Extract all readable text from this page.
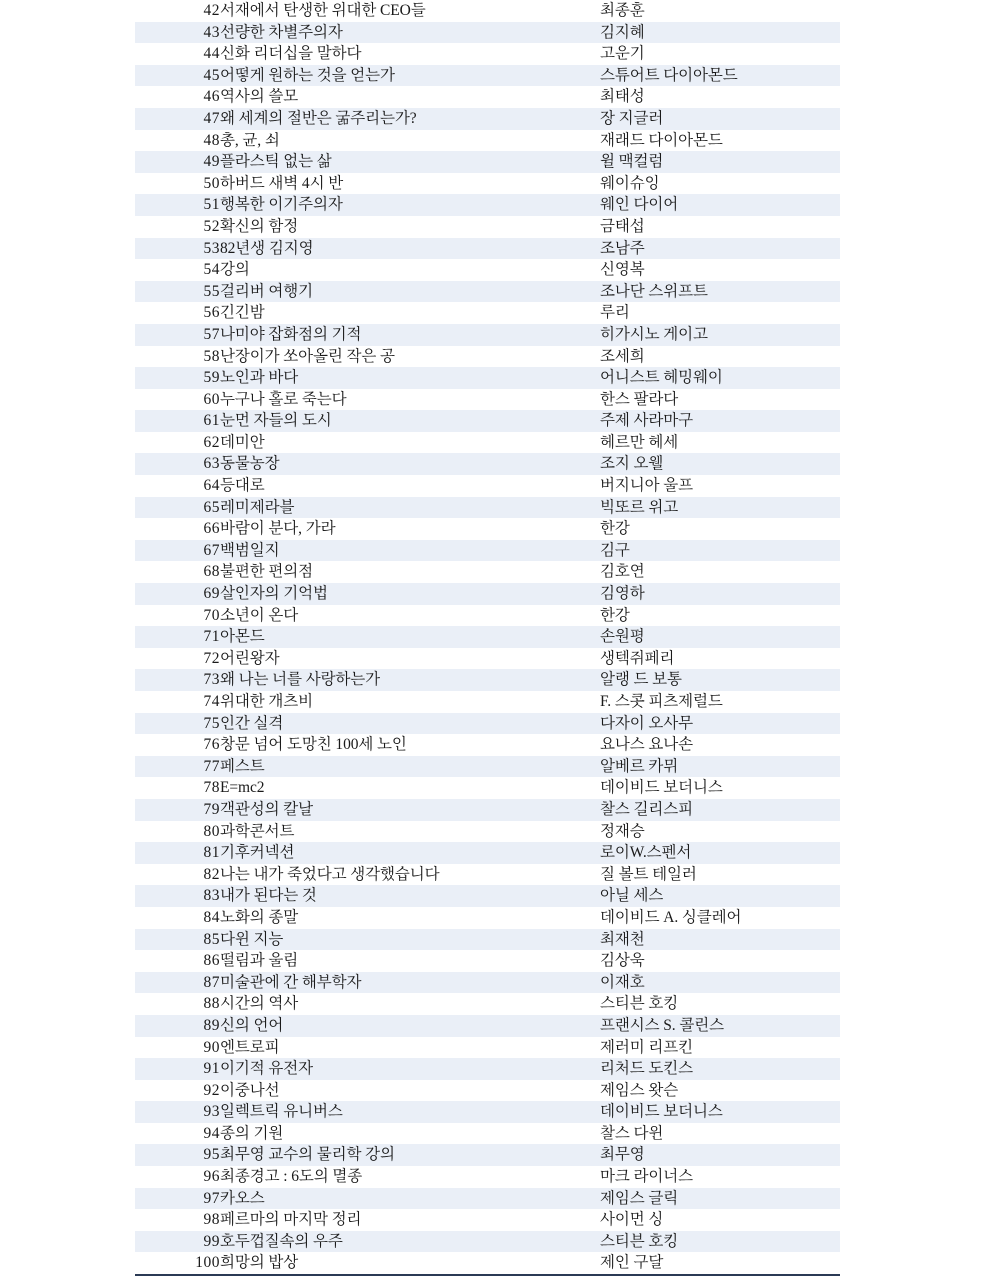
42	서재에서 탄생한 위대한 CEO들	최종훈
43	선량한 차별주의자	김지혜
44	신화 리더십을 말하다	고운기
45	어떻게 원하는 것을 얻는가	스튜어트 다이아몬드
46	역사의 쓸모	최태성
47	왜 세계의 절반은 굶주리는가?	장 지글러
48	총, 균, 쇠	재래드 다이아몬드
49	플라스틱 없는 삶	윌 맥컬럼
50	하버드 새벽 4시 반	웨이슈잉
51	행복한 이기주의자	웨인 다이어
52	확신의 함정	금태섭
53	82년생 김지영	조남주
54	강의	신영복
55	걸리버 여행기	조나단 스위프트
56	긴긴밤	루리
57	나미야 잡화점의 기적	히가시노 게이고
58	난장이가 쏘아올린 작은 공	조세희
59	노인과 바다	어니스트 헤밍웨이
60	누구나 홀로 죽는다	한스 팔라다
61	눈먼 자들의 도시	주제 사라마구
62	데미안	헤르만 헤세
63	동물농장	조지 오웰
64	등대로	버지니아 울프
65	레미제라블	빅또르 위고
66	바람이 분다, 가라	한강
67	백범일지	김구
68	불편한 편의점	김호연
69	살인자의 기억법	김영하
70	소년이 온다	한강
71	아몬드	손원평
72	어린왕자	생텍쥐페리
73	왜 나는 너를 사랑하는가	알랭 드 보통
74	위대한 개츠비	F. 스콧 피츠제럴드
75	인간 실격	다자이 오사무
76	창문 넘어 도망친 100세 노인	요나스 요나손
77	페스트	알베르 카뮈
78	E=mc2	데이비드 보더니스
79	객관성의 칼날	찰스 길리스피
80	과학콘서트	정재승
81	기후커넥션	로이W.스펜서
82	나는 내가 죽었다고 생각했습니다	질 볼트 테일러
83	내가 된다는 것	아닐 세스
84	노화의 종말	데이비드 A. 싱클레어
85	다윈 지능	최재천
86	떨림과 울림	김상욱
87	미술관에 간 해부학자	이재호
88	시간의 역사	스티븐 호킹
89	신의 언어	프랜시스 S. 콜린스
90	엔트로피	제러미 리프킨
91	이기적 유전자	리처드 도킨스
92	이중나선	제임스 왓슨
93	일렉트릭 유니버스	데이비드 보더니스
94	종의 기원	찰스 다윈
95	최무영 교수의 물리학 강의	최무영
96	최종경고 : 6도의 멸종	마크 라이너스
97	카오스	제임스 글릭
98	페르마의 마지막 정리	사이먼 싱
99	호두껍질속의 우주	스티븐 호킹
100	희망의 밥상	제인 구달
